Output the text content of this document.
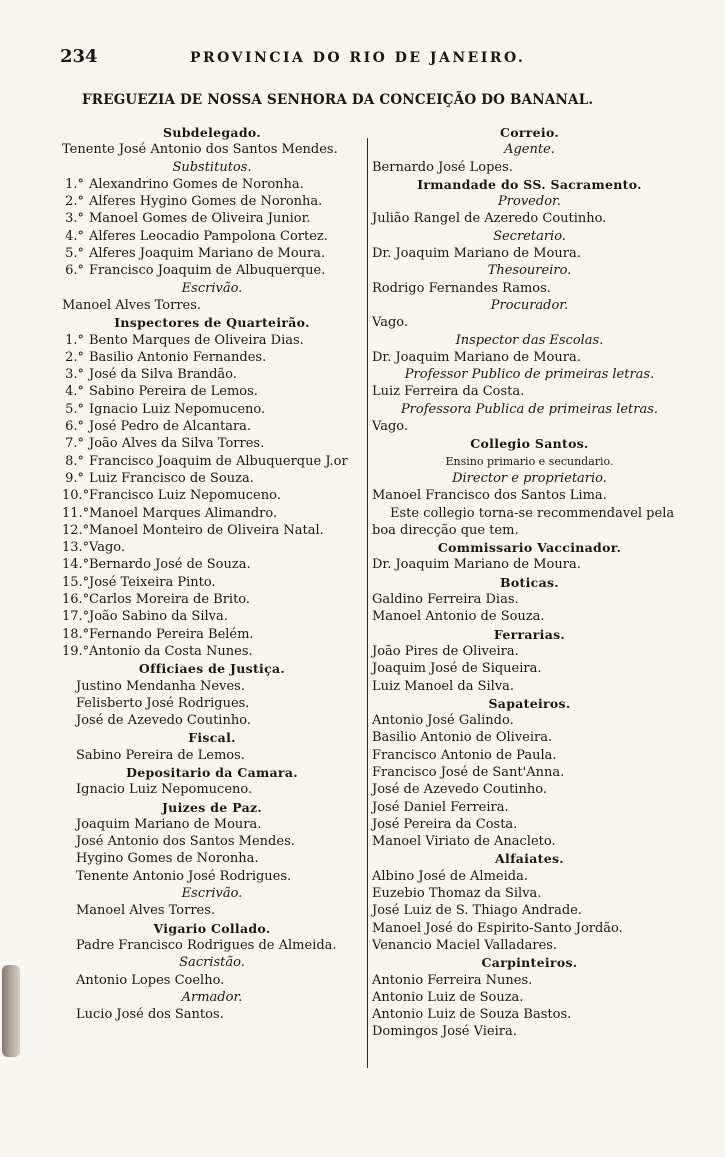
234	PROVINCIA DO RIO DE JANEIRO.
FREGUEZIA DE NOSSA SENHORA DA CONCEIÇÃO DO BANANAL.
Subdelegado.
Tenente José Antonio dos Santos Mendes.
Substitutos.
1.° Alexandrino Gomes de Noronha.
2.° Alferes Hygino Gomes de Noronha.
3.° Manoel Gomes de Oliveira Junior.
4.° Alferes Leocadio Pampolona Cortez.
5.° Alferes Joaquim Mariano de Moura.
6.° Francisco Joaquim de Albuquerque.
Escrivão.
Manoel Alves Torres.
Inspectores de Quarteirão.
1.° Bento Marques de Oliveira Dias.
2.° Basilio Antonio Fernandes.
3.° José da Silva Brandão.
4.° Sabino Pereira de Lemos.
5.° Ignacio Luiz Nepomuceno.
6.° José Pedro de Alcantara.
7.° João Alves da Silva Torres.
8.° Francisco Joaquim de Albuquerque J.or
9.° Luiz Francisco de Souza.
10.°Francisco Luiz Nepomuceno.
11.°Manoel Marques Alimandro.
12.°Manoel Monteiro de Oliveira Natal.
13.°Vago.
14.°Bernardo José de Souza.
15.°José Teixeira Pinto.
16.°Carlos Moreira de Brito.
17.°João Sabino da Silva.
18.°Fernando Pereira Belém.
19.°Antonio da Costa Nunes.
Officiaes de Justiça.
Justino Mendanha Neves.
Felisberto José Rodrigues.
José de Azevedo Coutinho.
Fiscal.
Sabino Pereira de Lemos.
Depositario da Camara.
Ignacio Luiz Nepomuceno.
Juizes de Paz.
Joaquim Mariano de Moura.
José Antonio dos Santos Mendes.
Hygino Gomes de Noronha.
Tenente Antonio José Rodrigues.
Escrivão.
Manoel Alves Torres.
Vigario Collado.
Padre Francisco Rodrigues de Almeida.
Sacristão.
Antonio Lopes Coelho.
Armador.
Lucio José dos Santos.
Correio.
Agente.
Bernardo José Lopes.
Irmandade do SS. Sacramento.
Provedor.
Julião Rangel de Azeredo Coutinho.
Secretario.
Dr. Joaquim Mariano de Moura.
Thesoureiro.
Rodrigo Fernandes Ramos.
Procurador.
Vago.
Inspector das Escolas.
Dr. Joaquim Mariano de Moura.
Professor Publico de primeiras letras.
Luiz Ferreira da Costa.
Professora Publica de primeiras letras.
Vago.
Collegio Santos.
Ensino primario e secundario.
Director e proprietario.
Manoel Francisco dos Santos Lima.
Este collegio torna-se recommendavel pela boa direcção que tem.
Commissario Vaccinador.
Dr. Joaquim Mariano de Moura.
Boticas.
Galdino Ferreira Dias.
Manoel Antonio de Souza.
Ferrarias.
João Pires de Oliveira.
Joaquim José de Siqueira.
Luiz Manoel da Silva.
Sapateiros.
Antonio José Galindo.
Basilio Antonio de Oliveira.
Francisco Antonio de Paula.
Francisco José de Sant'Anna.
José de Azevedo Coutinho.
José Daniel Ferreira.
José Pereira da Costa.
Manoel Viriato de Anacleto.
Alfaiates.
Albino José de Almeida.
Euzebio Thomaz da Silva.
José Luiz de S. Thiago Andrade.
Manoel José do Espirito-Santo Jordão.
Venancio Maciel Valladares.
Carpinteiros.
Antonio Ferreira Nunes.
Antonio Luiz de Souza.
Antonio Luiz de Souza Bastos.
Domingos José Vieira.
